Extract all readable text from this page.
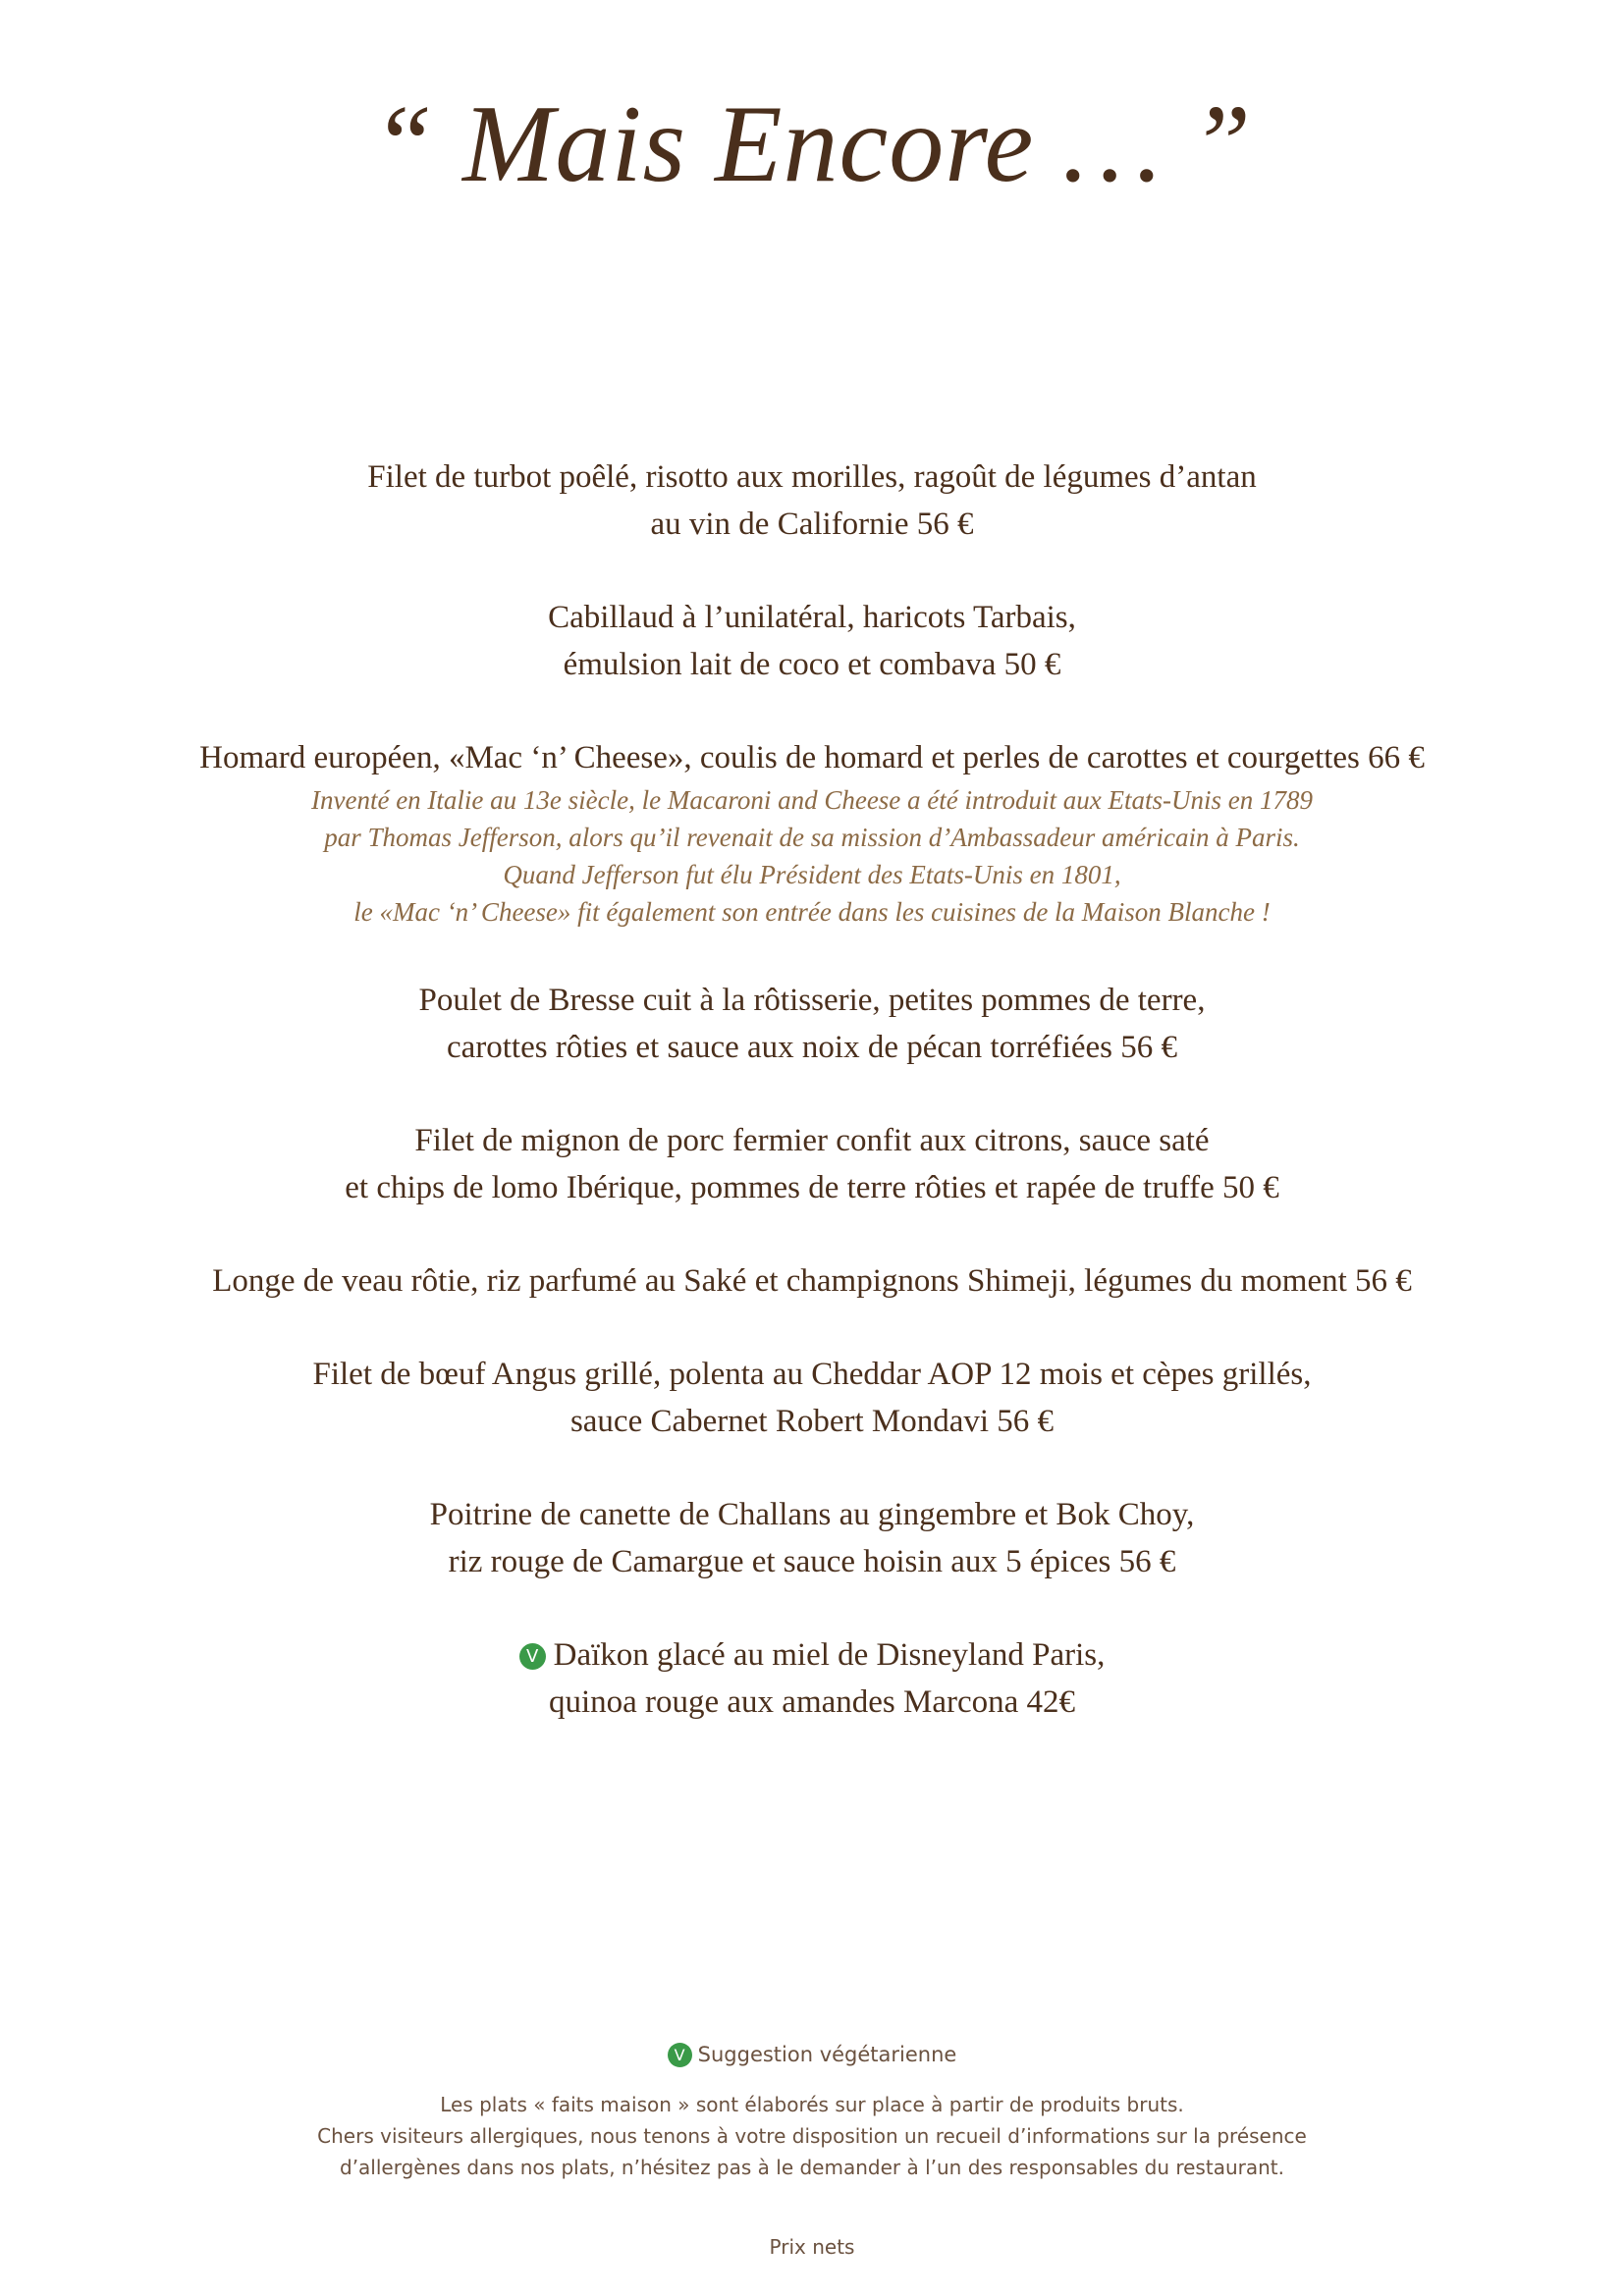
“ Mais Encore … ”
Filet de turbot poêlé, risotto aux morilles, ragoût de légumes d’antan
au vin de Californie 56 €
Cabillaud à l’unilatéral, haricots Tarbais,
émulsion lait de coco et combava 50 €
Homard européen, «Mac ‘n’ Cheese», coulis de homard et perles de carottes et courgettes 66 €
Inventé en Italie au 13e siècle, le Macaroni and Cheese a été introduit aux Etats-Unis en 1789
par Thomas Jefferson, alors qu’il revenait de sa mission d’Ambassadeur américain à Paris.
Quand Jefferson fut élu Président des Etats-Unis en 1801,
le «Mac ‘n’ Cheese» fit également son entrée dans les cuisines de la Maison Blanche !
Poulet de Bresse cuit à la rôtisserie, petites pommes de terre,
carottes rôties et sauce aux noix de pécan torréfiées 56 €
Filet de mignon de porc fermier confit aux citrons, sauce saté
et chips de lomo Ibérique, pommes de terre rôties et rapée de truffe 50 €
Longe de veau rôtie, riz parfumé au Saké et champignons Shimeji, légumes du moment 56 €
Filet de bœuf Angus grillé, polenta au Cheddar AOP 12 mois et cèpes grillés,
sauce Cabernet Robert Mondavi 56 €
Poitrine de canette de Challans au gingembre et Bok Choy,
riz rouge de Camargue et sauce hoisin aux 5 épices 56 €
V Daïkon glacé au miel de Disneyland Paris,
quinoa rouge aux amandes Marcona 42€
V Suggestion végétarienne
Les plats « faits maison » sont élaborés sur place à partir de produits bruts.
Chers visiteurs allergiques, nous tenons à votre disposition un recueil d’informations sur la présence
d’allergènes dans nos plats, n’hésitez pas à le demander à l’un des responsables du restaurant.
Prix nets
